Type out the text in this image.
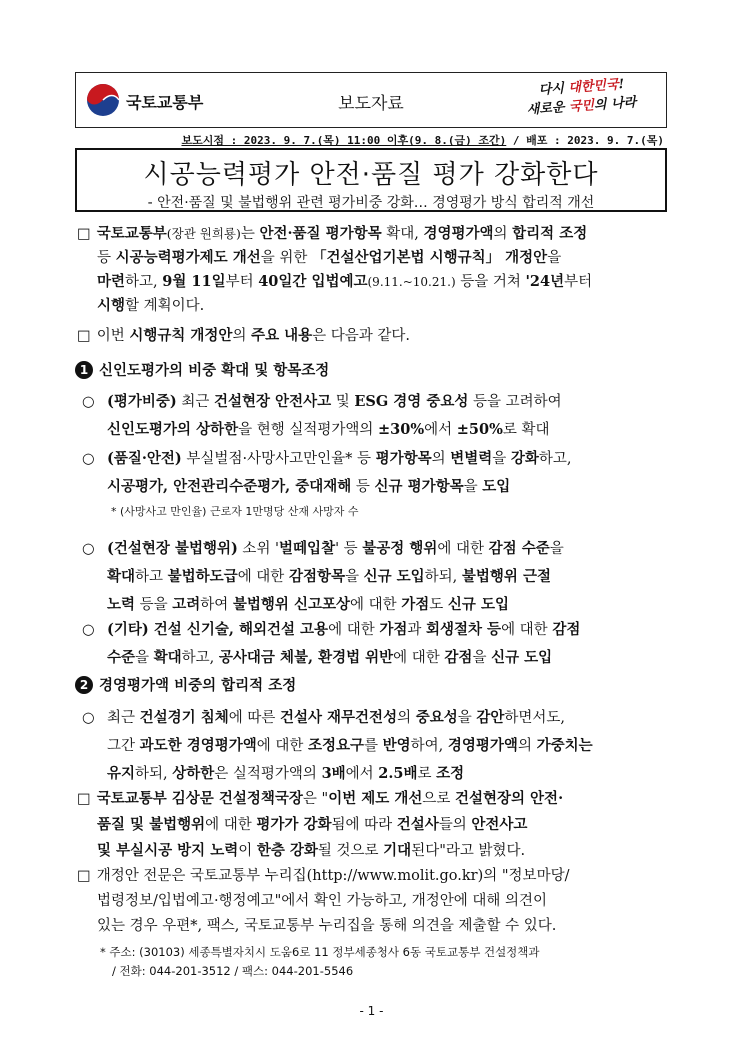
국토교통부	보도자료
다시 대한민국!
새로운 국민의 나라
보도시점 : 2023. 9. 7.(목) 11:00 이후(9. 8.(금) 조간) / 배포 : 2023. 9. 7.(목)
시공능력평가 안전·품질 평가 강화한다
- 안전·품질 및 불법행위 관련 평가비중 강화… 경영평가 방식 합리적 개선
□ 국토교통부(장관 원희룡)는 안전·품질 평가항목 확대, 경영평가액의 합리적 조정
등 시공능력평가제도 개선을 위한 「건설산업기본법 시행규칙」 개정안을
마련하고, 9월 11일부터 40일간 입법예고(9.11.~10.21.) 등을 거쳐 '24년부터
시행할 계획이다.
□ 이번 시행규칙 개정안의 주요 내용은 다음과 같다.
1 신인도평가의 비중 확대 및 항목조정
○ (평가비중) 최근 건설현장 안전사고 및 ESG 경영 중요성 등을 고려하여
신인도평가의 상하한을 현행 실적평가액의 ±30%에서 ±50%로 확대
○ (품질·안전) 부실벌점·사망사고만인율* 등 평가항목의 변별력을 강화하고,
시공평가, 안전관리수준평가, 중대재해 등 신규 평가항목을 도입
* (사망사고 만인율) 근로자 1만명당 산재 사망자 수
○ (건설현장 불법행위) 소위 '벌떼입찰' 등 불공정 행위에 대한 감점 수준을
확대하고 불법하도급에 대한 감점항목을 신규 도입하되, 불법행위 근절
노력 등을 고려하여 불법행위 신고포상에 대한 가점도 신규 도입
○ (기타) 건설 신기술, 해외건설 고용에 대한 가점과 회생절차 등에 대한 감점
수준을 확대하고, 공사대금 체불, 환경법 위반에 대한 감점을 신규 도입
2 경영평가액 비중의 합리적 조정
○ 최근 건설경기 침체에 따른 건설사 재무건전성의 중요성을 감안하면서도,
그간 과도한 경영평가액에 대한 조정요구를 반영하여, 경영평가액의 가중치는
유지하되, 상하한은 실적평가액의 3배에서 2.5배로 조정
□ 국토교통부 김상문 건설정책국장은 "이번 제도 개선으로 건설현장의 안전·
품질 및 불법행위에 대한 평가가 강화됨에 따라 건설사들의 안전사고
및 부실시공 방지 노력이 한층 강화될 것으로 기대된다"라고 밝혔다.
□ 개정안 전문은 국토교통부 누리집(http://www.molit.go.kr)의 "정보마당/
법령정보/입법예고·행정예고"에서 확인 가능하고, 개정안에 대해 의견이
있는 경우 우편*, 팩스, 국토교통부 누리집을 통해 의견을 제출할 수 있다.
* 주소: (30103) 세종특별자치시 도움6로 11 정부세종청사 6동 국토교통부 건설정책과
/ 전화: 044-201-3512 / 팩스: 044-201-5546
- 1 -
